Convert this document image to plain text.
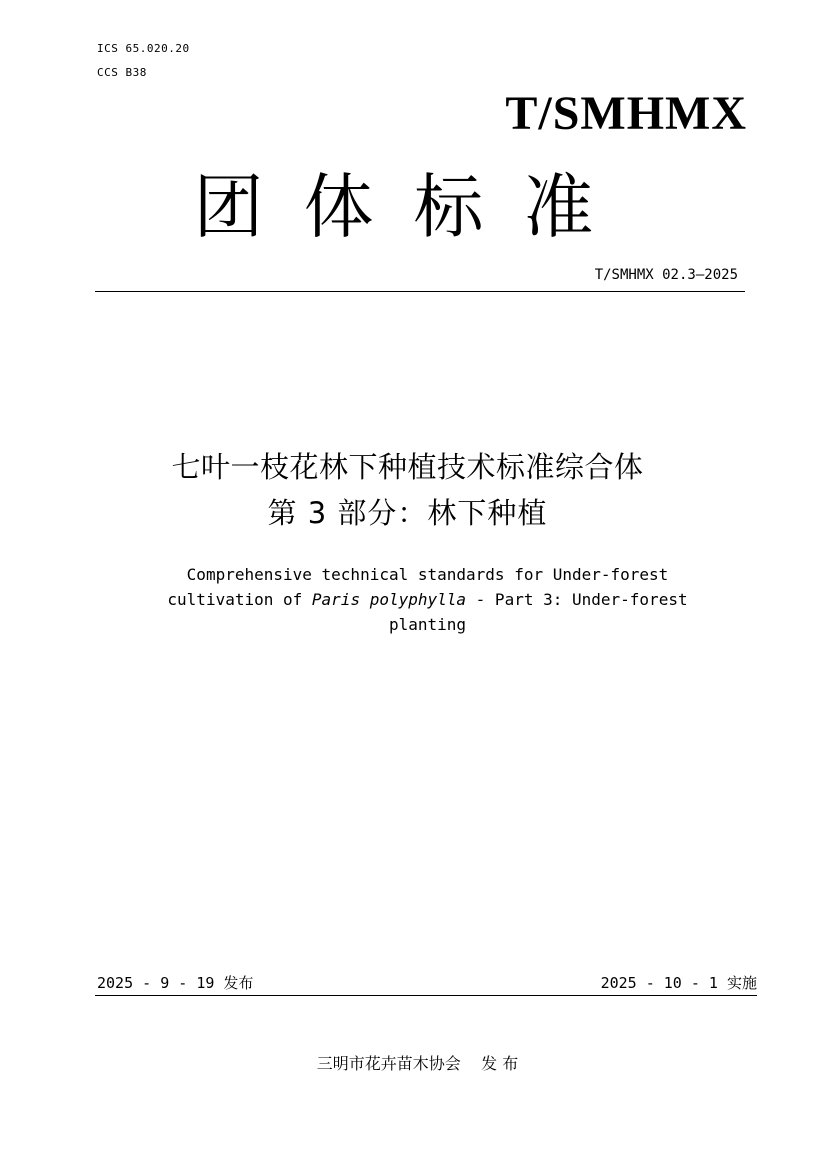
ICS 65.020.20
CCS B38
T/SMHMX
团体标准
T/SMHMX 02.3—2025
七叶一枝花林下种植技术标准综合体
第 3 部分：林下种植
Comprehensive technical standards for Under-forest
cultivation of Paris polyphylla - Part 3: Under-forest
planting
2025 - 9 - 19 发布	2025 - 10 - 1 实施
三明市花卉苗木协会    发 布
